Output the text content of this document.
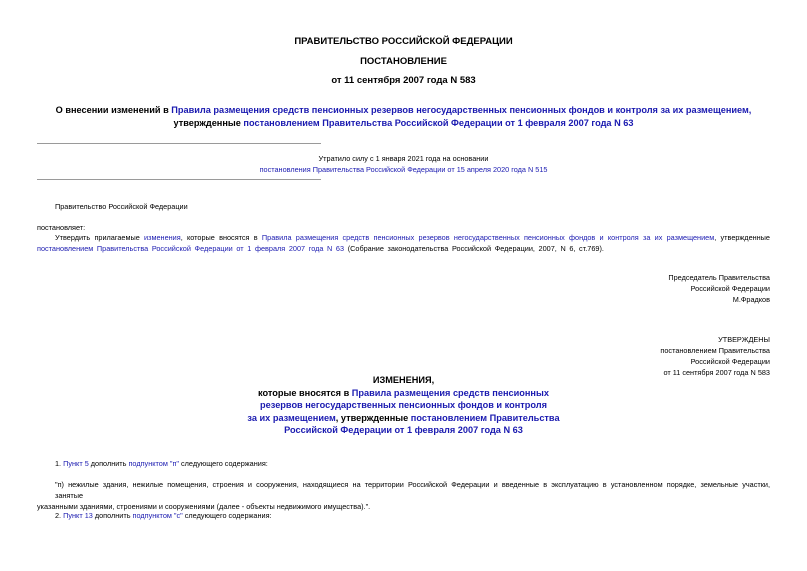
ПРАВИТЕЛЬСТВО РОССИЙСКОЙ ФЕДЕРАЦИИ
ПОСТАНОВЛЕНИЕ
от 11 сентября 2007 года N 583
О внесении изменений в Правила размещения средств пенсионных резервов негосударственных пенсионных фондов и контроля за их размещением,
утвержденные постановлением Правительства Российской Федерации от 1 февраля 2007 года N 63
Утратило силу с 1 января 2021 года на основании
постановления Правительства Российской Федерации от 15 апреля 2020 года N 515
Правительство Российской Федерации
постановляет:
Утвердить прилагаемые изменения, которые вносятся в Правила размещения средств пенсионных резервов негосударственных пенсионных фондов и контроля за их размещением, утвержденные постановлением Правительства Российской Федерации от 1 февраля 2007 года N 63 (Собрание законодательства Российской Федерации, 2007, N 6, ст.769).
Председатель Правительства
Российской Федерации
М.Фрадков
УТВЕРЖДЕНЫ
постановлением Правительства
Российской Федерации
от 11 сентября 2007 года N 583
ИЗМЕНЕНИЯ,
которые вносятся в Правила размещения средств пенсионных
резервов негосударственных пенсионных фондов и контроля
за их размещением, утвержденные постановлением Правительства
Российской Федерации от 1 февраля 2007 года N 63
1. Пункт 5 дополнить подпунктом "п" следующего содержания:
"п) нежилые здания, нежилые помещения, строения и сооружения, находящиеся на территории Российской Федерации и введенные в эксплуатацию в установленном порядке, земельные участки, занятые
указанными зданиями, строениями и сооружениями (далее - объекты недвижимого имущества).".
2. Пункт 13 дополнить подпунктом "с" следующего содержания:
